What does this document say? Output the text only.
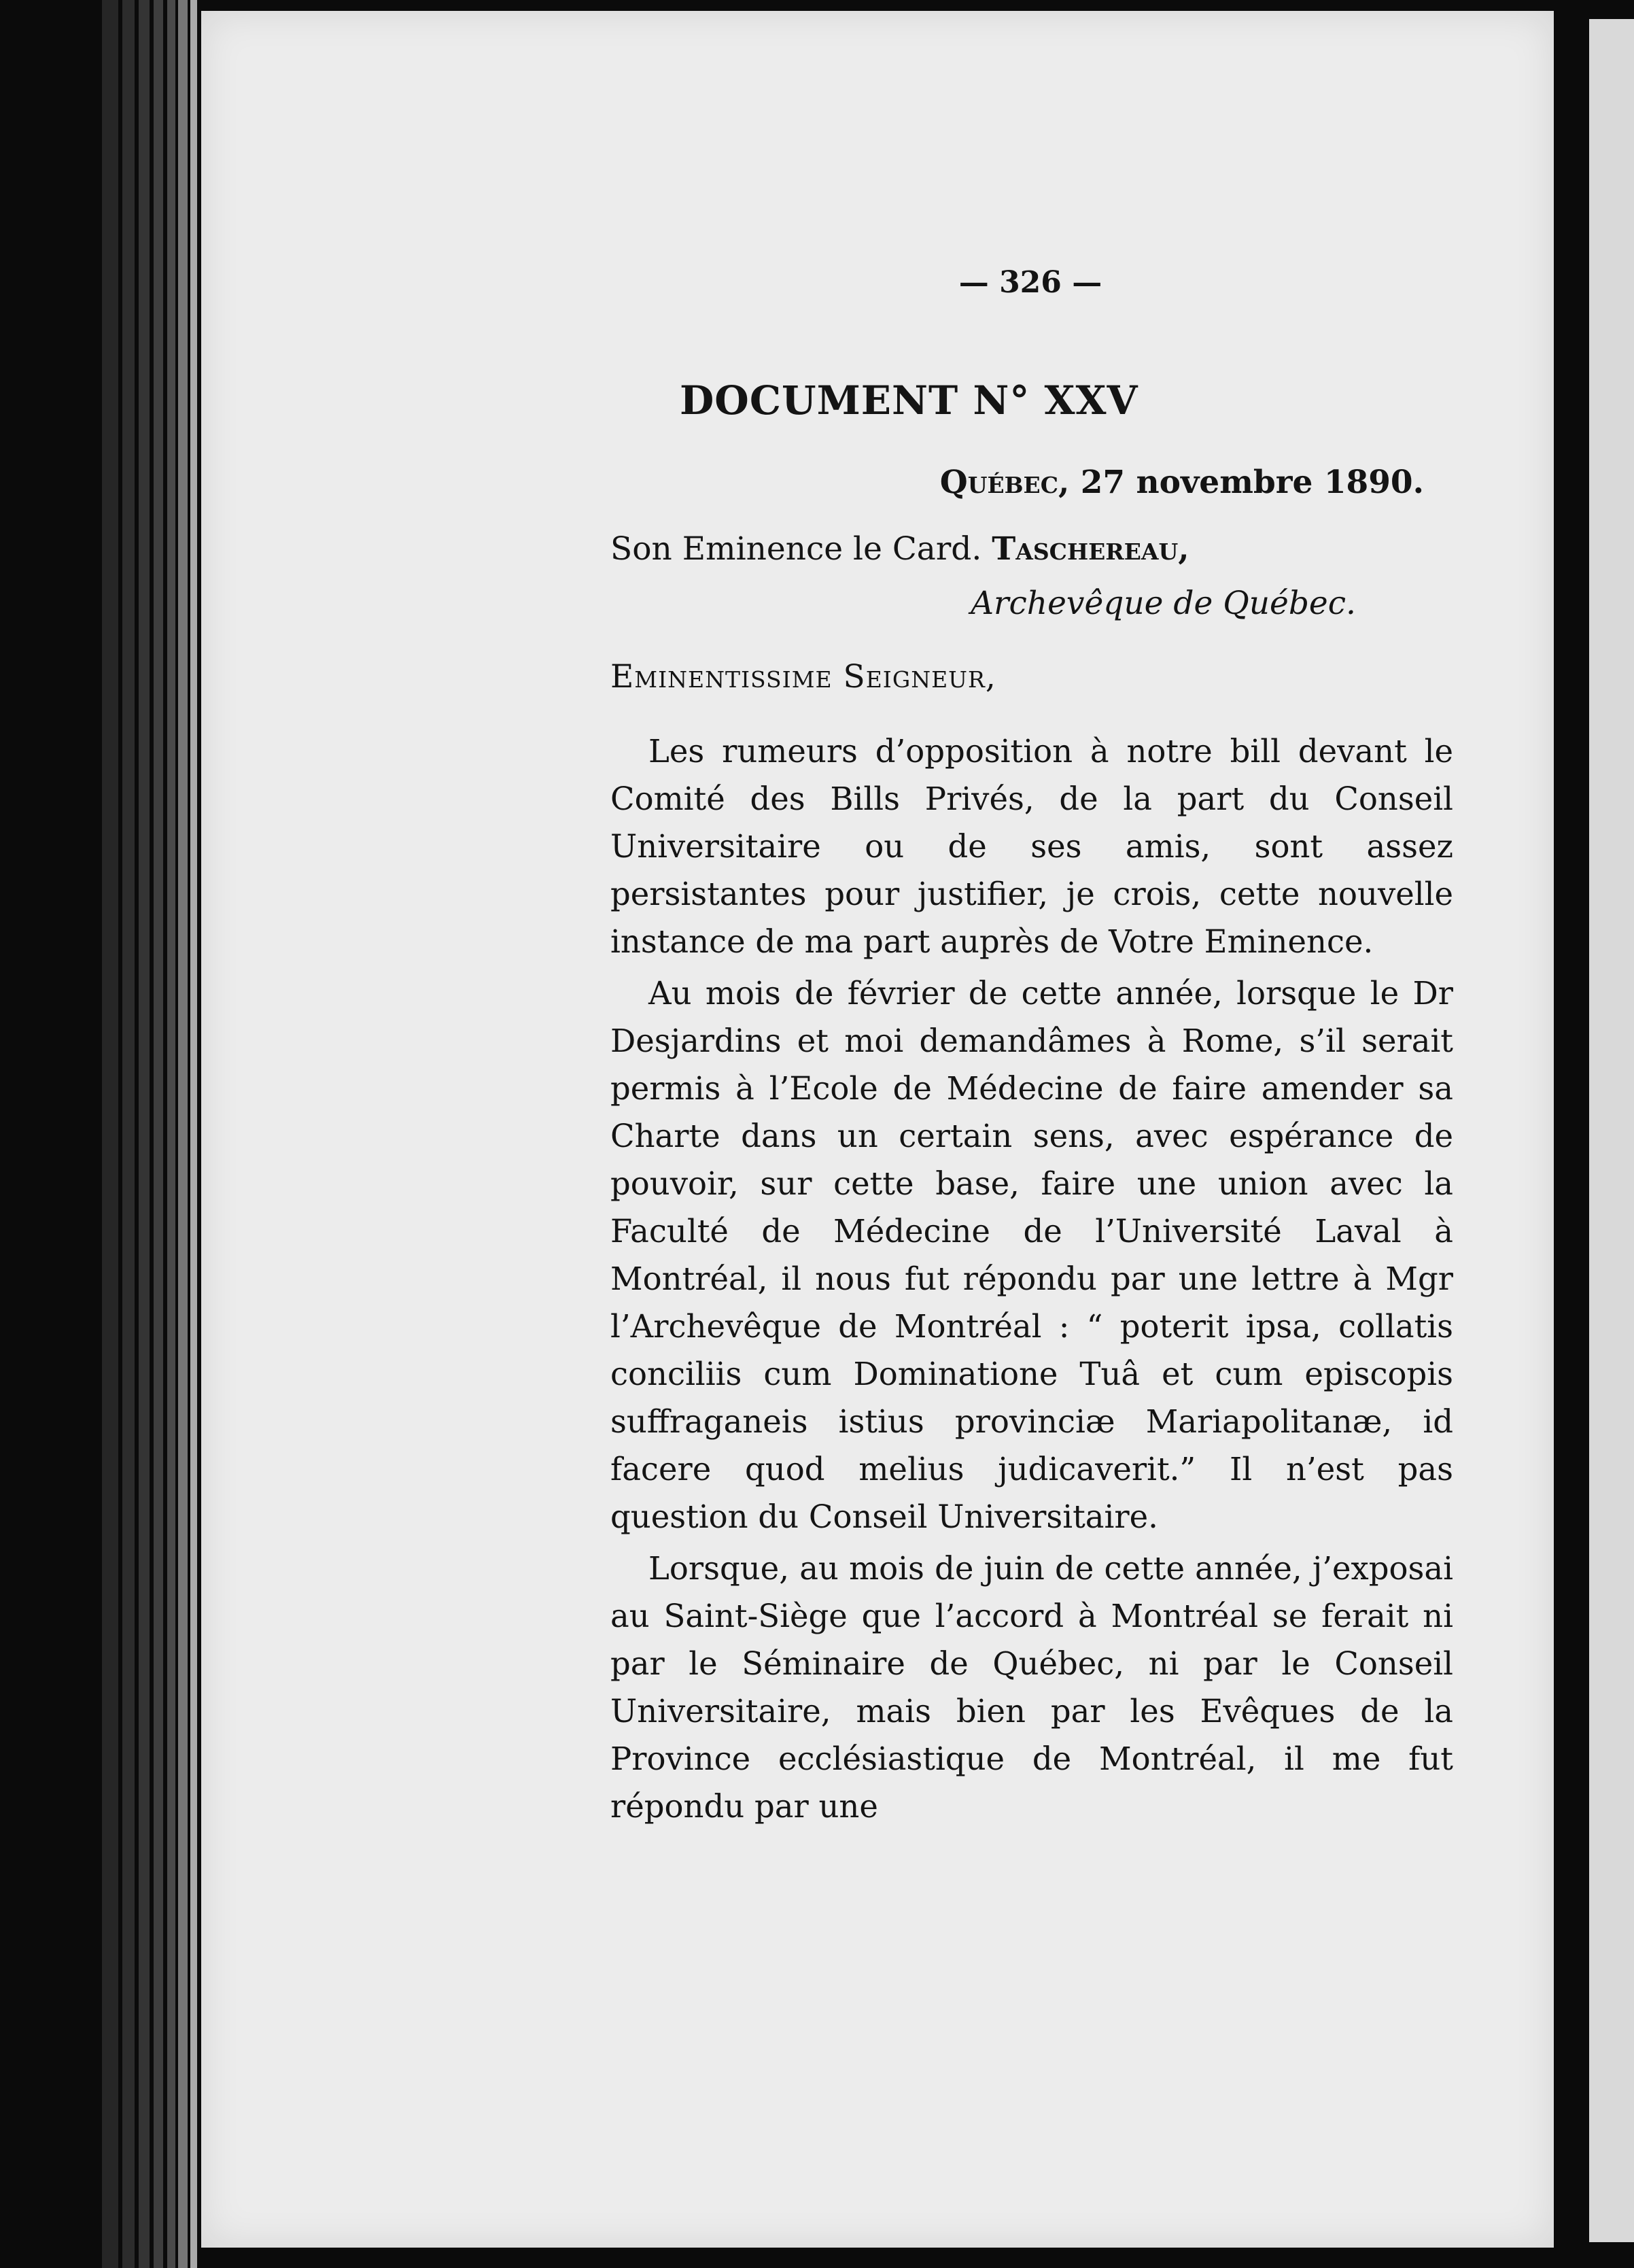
— 326 —
DOCUMENT N° XXV
Québec, 27 novembre 1890.
Son Eminence le Card. Taschereau,
Archevêque de Québec.
Eminentissime Seigneur,

Les rumeurs d’opposition à notre bill devant le Comité des Bills Privés, de la part du Conseil Universitaire ou de ses amis, sont assez persistantes pour justifier, je crois, cette nouvelle instance de ma part auprès de Votre Eminence.

Au mois de février de cette année, lorsque le Dr Desjardins et moi demandâmes à Rome, s’il serait permis à l’Ecole de Médecine de faire amender sa Charte dans un certain sens, avec espérance de pouvoir, sur cette base, faire une union avec la Faculté de Médecine de l’Université Laval à Montréal, il nous fut répondu par une lettre à Mgr l’Archevêque de Montréal : “ poterit ipsa, collatis conciliis cum Dominatione Tuâ et cum episcopis suffraganeis istius provinciæ Mariapolitanæ, id facere quod melius judicaverit.” Il n’est pas question du Conseil Universitaire.

Lorsque, au mois de juin de cette année, j’exposai au Saint-Siège que l’accord à Montréal se ferait ni par le Séminaire de Québec, ni par le Conseil Universitaire, mais bien par les Evêques de la Province ecclésiastique de Montréal, il me fut répondu par une
